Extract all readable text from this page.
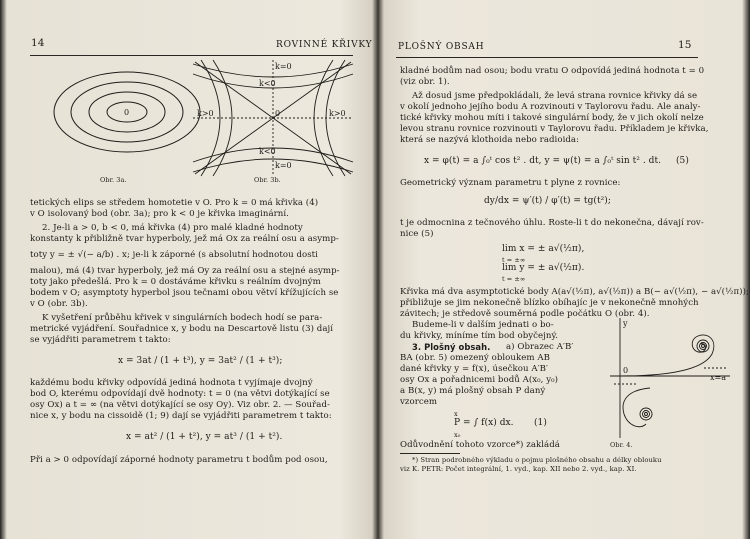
14	ROVINNÉ KŘIVKY
0
Obr. 3a.
k=0
k=0
k>0	k>0
k<0
k<0
0
Obr. 3b.
tetických elips se středem homotetie v O. Pro k = 0 má křivka (4)
v O isolovaný bod (obr. 3a); pro k < 0 je křivka imaginární.
2. Je-li a > 0, b < 0, má křivka (4) pro malé kladné hodnoty
konstanty k přibližně tvar hyperboly, jež má Ox za reální osu a asymp-
toty y = ± √(− a/b) . x; je-li k záporné (s absolutní hodnotou dosti
malou), má (4) tvar hyperboly, jež má Oy za reální osu a stejné asymp-
toty jako předešlá. Pro k = 0 dostáváme křivku s reálním dvojným
bodem v O; asymptoty hyperbol jsou tečnami obou větví křížujících se
v O (obr. 3b).
K vyšetření průběhu křivek v singulárních bodech hodí se para-
metrické vyjádření. Souřadnice x, y bodu na Descartově listu (3) dají
se vyjádřiti parametrem t takto:
x = 3at / (1 + t³), y = 3at² / (1 + t³);
každému bodu křivky odpovídá jediná hodnota t vyjímaje dvojný
bod O, kterému odpovídají dvě hodnoty: t = 0 (na větvi dotýkající se
osy Ox) a t = ∞ (na větvi dotýkající se osy Oy). Viz obr. 2. — Souřad-
nice x, y bodu na cissoidě (1; 9) dají se vyjádřiti parametrem t takto:
x = at² / (1 + t²), y = at³ / (1 + t²).
Při a > 0 odpovídají záporné hodnoty parametru t bodům pod osou,
PLOŠNÝ OBSAH	15
kladné bodům nad osou; bodu vratu O odpovídá jediná hodnota t = 0
(viz obr. 1).
Až dosud jsme předpokládali, že levá strana rovnice křivky dá se
v okolí jednoho jejího bodu A rozvinouti v Taylorovu řadu. Ale analy-
tické křivky mohou míti i takové singulární body, že v jich okolí nelze
levou stranu rovnice rozvinouti v Taylorovu řadu. Příkladem je křivka,
která se nazývá klothoida nebo radioida:
x = φ(t) = a ∫₀ᵗ cos t² . dt, y = ψ(t) = a ∫₀ᵗ sin t² . dt. (5)
Geometrický význam parametru t plyne z rovnice:
dy/dx = ψ′(t) / φ′(t) = tg(t²);
t je odmocnina z tečnového úhlu. Roste-li t do nekonečna, dávají rov-
nice (5)
lim x = ± a√(½π),
t = ±∞
lim y = ± a√(½π).
t = ±∞
Křivka má dva asymptotické body A(a√(½π), a√(½π)) a B(− a√(½π), − a√(½π));
přibližuje se jim nekonečně blízko obíhajíc je v nekonečně mnohých
závitech; je středově souměrná podle počátku O (obr. 4).
Budeme-li v dalším jednati o bo-
du křivky, míníme tím bod obyčejný.
3. Plošný obsah. a) Obrazec A′B′
BA (obr. 5) omezený obloukem AB
dané křivky y = f(x), úsečkou A′B′
osy Ox a pořadnicemi bodů A(x₀, y₀)
a B(x, y) má plošný obsah P daný
vzorcem
x
P = ∫ f(x) dx.
x₀
(1)
Odůvodnění tohoto vzorce*) zakládá
y
x=a
0
Obr. 4.
*) Stran podrobného výkladu o pojmu plošného obsahu a délky oblouku
viz K. PETR: Počet integrální, 1. vyd., kap. XII nebo 2. vyd., kap. XI.
